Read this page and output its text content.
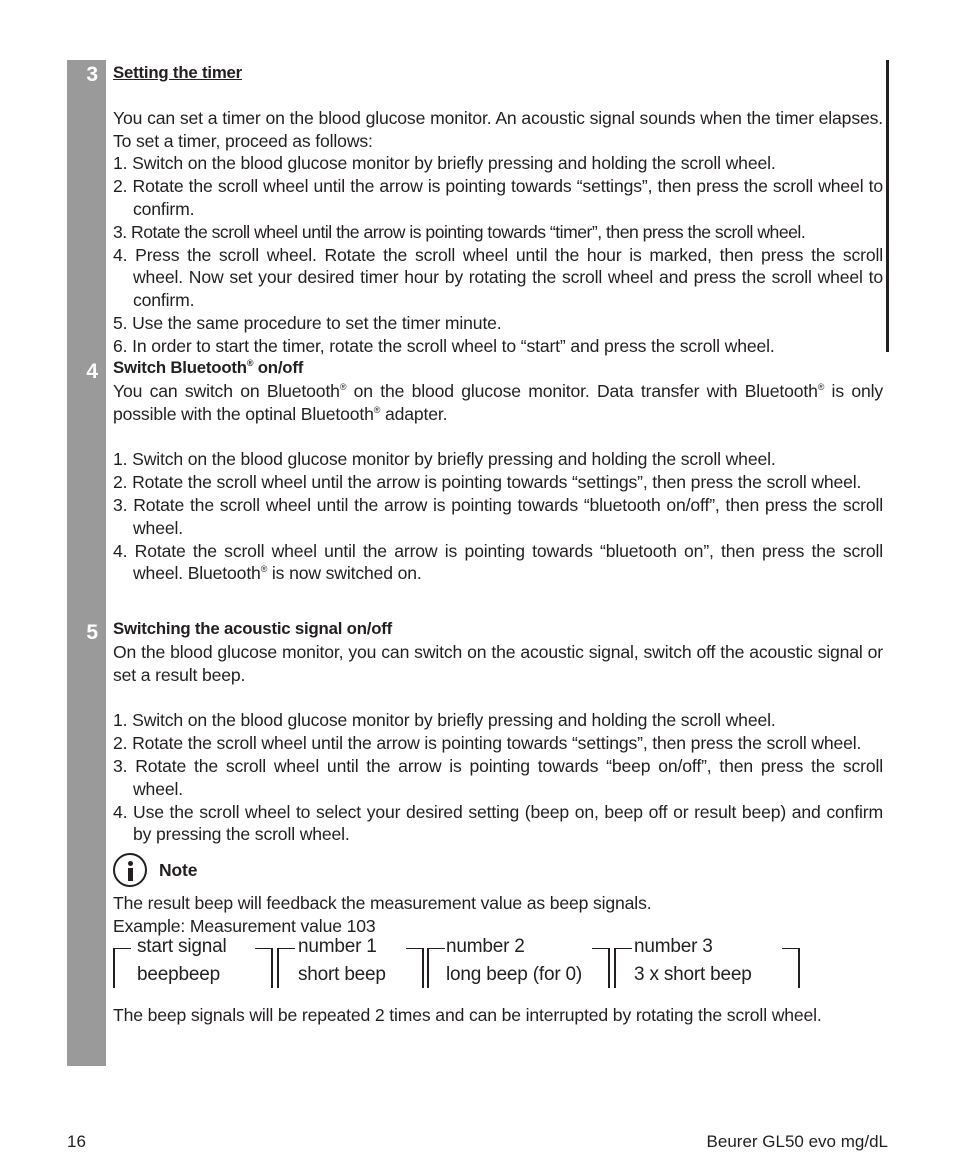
3 Setting the timer
You can set a timer on the blood glucose monitor. An acoustic signal sounds when the timer elapses. To set a timer, proceed as follows:
1. Switch on the blood glucose monitor by briefly pressing and holding the scroll wheel.
2. Rotate the scroll wheel until the arrow is pointing towards “settings”, then press the scroll wheel to confirm.
3. Rotate the scroll wheel until the arrow is pointing towards “timer”, then press the scroll wheel.
4. Press the scroll wheel. Rotate the scroll wheel until the hour is marked, then press the scroll wheel. Now set your desired timer hour by rotating the scroll wheel and press the scroll wheel to confirm.
5. Use the same procedure to set the timer minute.
6. In order to start the timer, rotate the scroll wheel to “start” and press the scroll wheel.
4 Switch Bluetooth® on/off
You can switch on Bluetooth® on the blood glucose monitor. Data transfer with Bluetooth® is only possible with the optinal Bluetooth® adapter.
1. Switch on the blood glucose monitor by briefly pressing and holding the scroll wheel.
2. Rotate the scroll wheel until the arrow is pointing towards “settings”, then press the scroll wheel.
3. Rotate the scroll wheel until the arrow is pointing towards “bluetooth on/off”, then press the scroll wheel.
4. Rotate the scroll wheel until the arrow is pointing towards “bluetooth on”, then press the scroll wheel. Bluetooth® is now switched on.
5 Switching the acoustic signal on/off
On the blood glucose monitor, you can switch on the acoustic signal, switch off the acoustic signal or set a result beep.
1. Switch on the blood glucose monitor by briefly pressing and holding the scroll wheel.
2. Rotate the scroll wheel until the arrow is pointing towards “settings”, then press the scroll wheel.
3. Rotate the scroll wheel until the arrow is pointing towards “beep on/off”, then press the scroll wheel.
4. Use the scroll wheel to select your desired setting (beep on, beep off or result beep) and confirm by pressing the scroll wheel.
Note
The result beep will feedback the measurement value as beep signals.
Example: Measurement value 103
start signal
beepbeep
number 1
short beep
number 2
long beep (for 0)
number 3
3 x short beep
The beep signals will be repeated 2 times and can be interrupted by rotating the scroll wheel.
16	Beurer GL50 evo mg/dL
